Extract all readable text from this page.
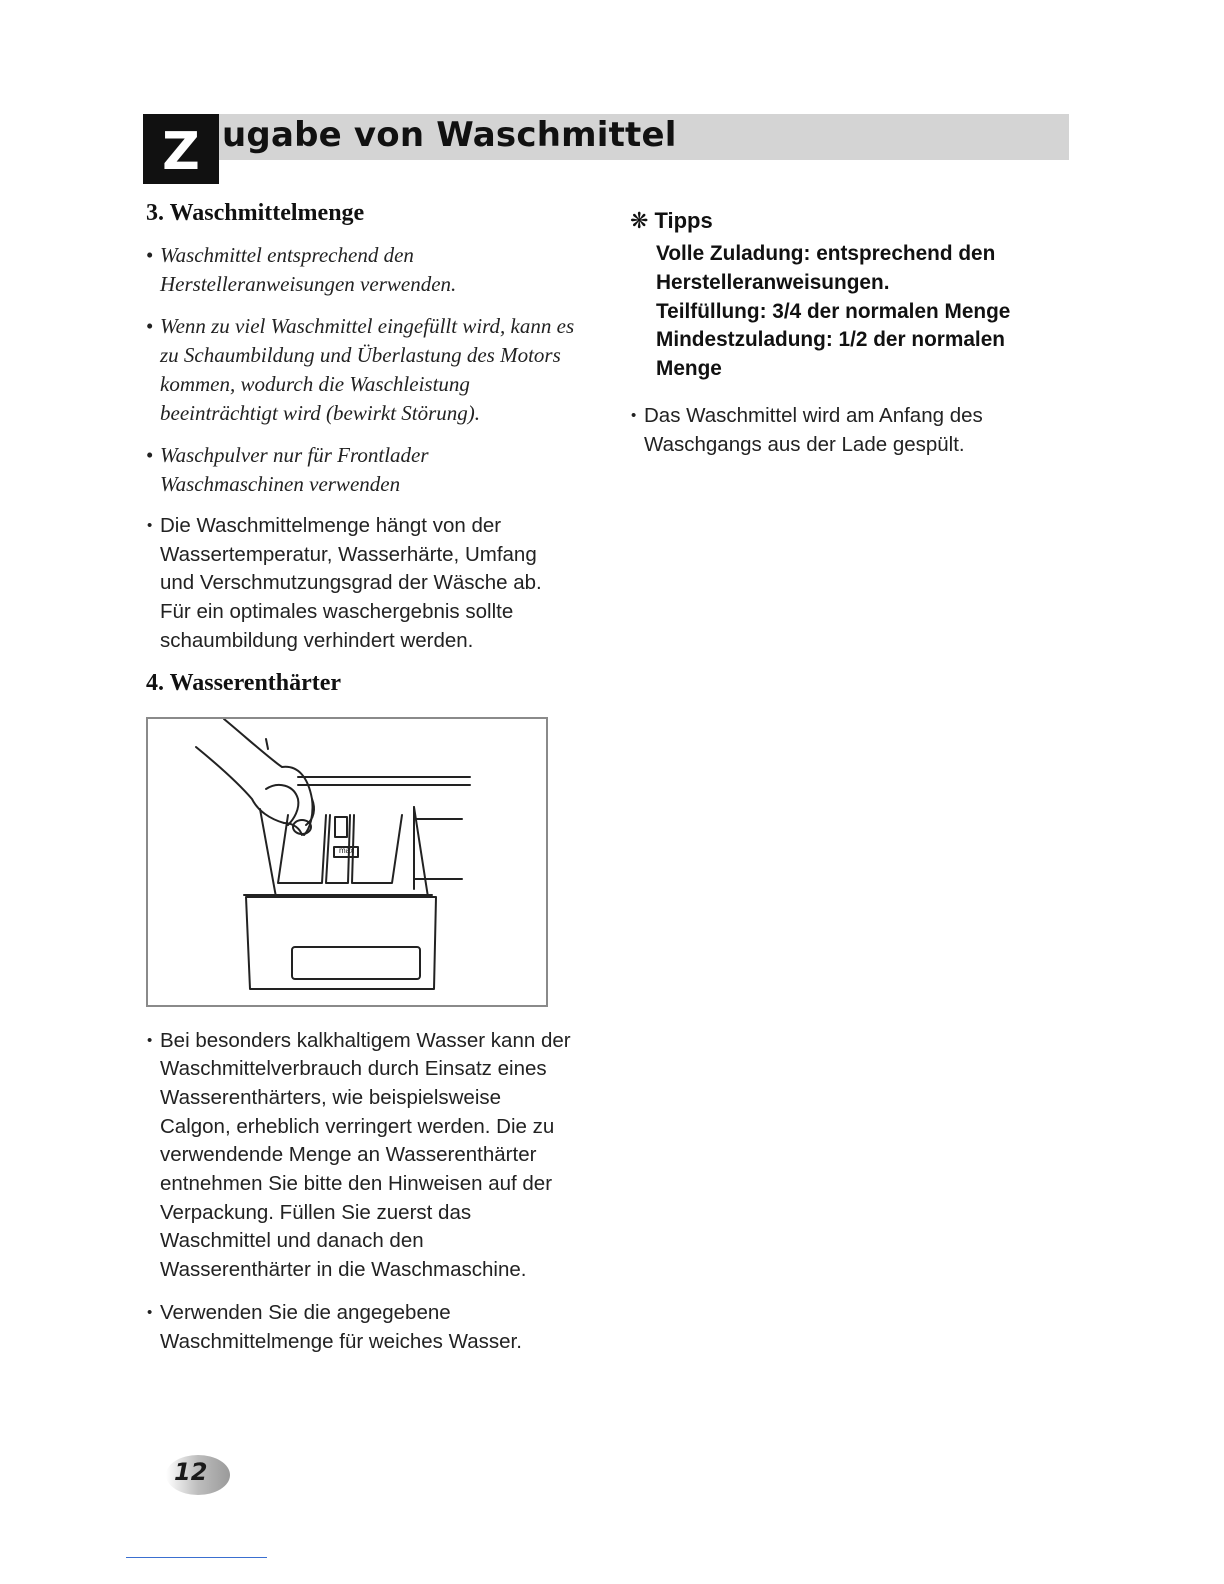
Z ugabe von Waschmittel
3. Waschmittelmenge
• Waschmittel entsprechend den Herstelleranweisungen verwenden.
• Wenn zu viel Waschmittel eingefüllt wird, kann es zu Schaumbildung und Überlastung des Motors kommen, wodurch die Waschleistung beeinträchtigt wird (bewirkt Störung).
• Waschpulver nur für Frontlader Waschmaschinen verwenden
• Die Waschmittelmenge hängt von der Wassertemperatur, Wasserhärte, Umfang und Verschmutzungsgrad der Wäsche ab. Für ein optimales waschergebnis sollte schaumbildung verhindert werden.
4. Wasserenthärter
max
• Bei besonders kalkhaltigem Wasser kann der Waschmittelverbrauch durch Einsatz eines Wasserenthärters, wie beispielsweise Calgon, erheblich verringert werden. Die zu verwendende Menge an Wasserenthärter entnehmen Sie bitte den Hinweisen auf der Verpackung. Füllen Sie zuerst das Waschmittel und danach den Wasserenthärter in die Waschmaschine.
• Verwenden Sie die angegebene Waschmittelmenge für weiches Wasser.
❋ Tipps
Volle Zuladung: entsprechend den Herstelleranweisungen.
Teilfüllung: 3/4 der normalen Menge
Mindestzuladung: 1/2 der normalen Menge
• Das Waschmittel wird am Anfang des Waschgangs aus der Lade gespült.
12
